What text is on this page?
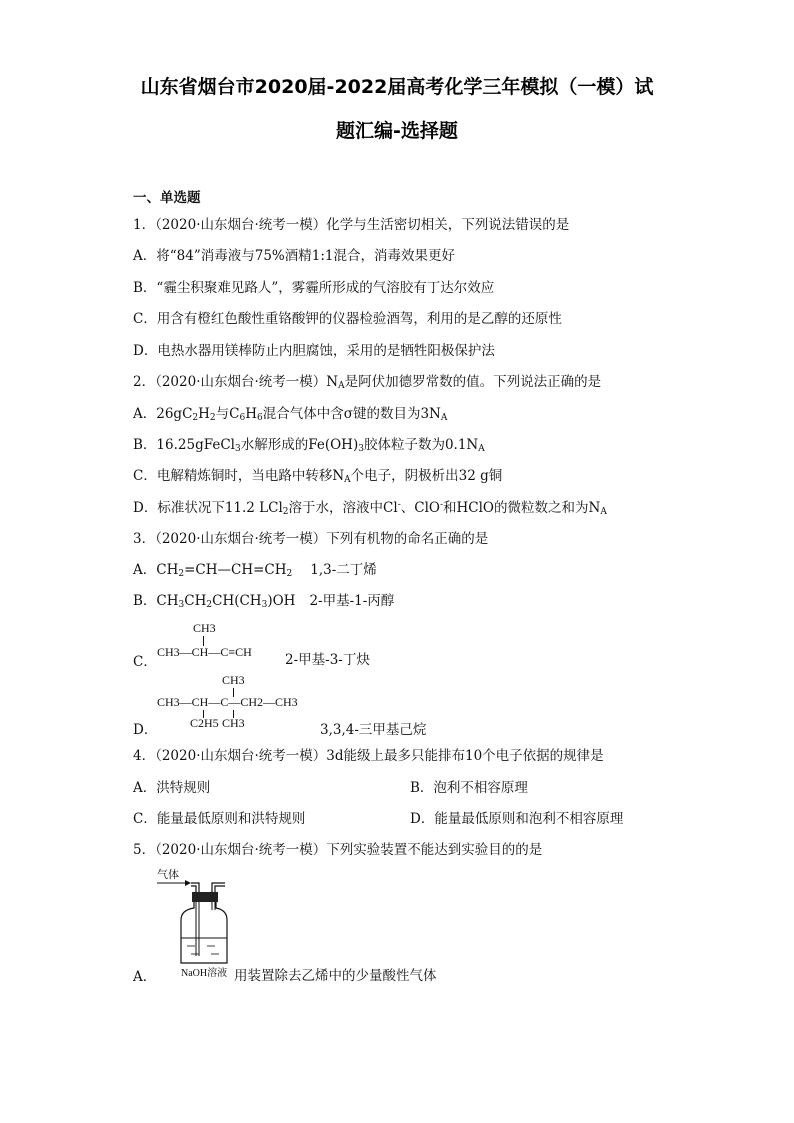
山东省烟台市2020届-2022届高考化学三年模拟（一模）试
题汇编-选择题
一、单选题
1．（2020·山东烟台·统考一模）化学与生活密切相关，下列说法错误的是
A．将“84”消毒液与75%酒精1:1混合，消毒效果更好
B．“霾尘积聚难见路人”，雾霾所形成的气溶胶有丁达尔效应
C．用含有橙红色酸性重铬酸钾的仪器检验酒驾，利用的是乙醇的还原性
D．电热水器用镁棒防止内胆腐蚀，采用的是牺牲阳极保护法
2．（2020·山东烟台·统考一模）$N_A$是阿伏加德罗常数的值。下列说法正确的是
A．$26gC_2H_2$与$C_6H_6$混合气体中含σ键的数目为$3N_A$
B．16.25gFeCl$_3$水解形成的$Fe(OH)_3$胶体粒子数为$0.1N_A$
C．电解精炼铜时，当电路中转移$N_A$个电子，阴极析出32 g铜
D．标准状况下11.2 LCl$_2$溶于水，溶液中Cl-、ClO-和HClO的微粒数之和为$N_A$
3．（2020·山东烟台·统考一模）下列有机物的命名正确的是
A．$CH_2=CH—CH=CH_2$ 1,3-二丁烯
B．$CH_3CH_2CH(CH_3)OH$ 2-甲基-1-丙醇
C．
CH3
CH3—CH—C≡CH 2-甲基-3-丁炔
D．
CH3
CH3—CH—C—CH2—CH3
C2H5 CH3	3,3,4-三甲基己烷
4．（2020·山东烟台·统考一模）3d能级上最多只能排布10个电子依据的规律是
A．洪特规则	B．泡利不相容原理
C．能量最低原则和洪特规则	D．能量最低原则和泡利不相容原理
5．（2020·山东烟台·统考一模）下列实验装置不能达到实验目的的是
气体
NaOH溶液
A．	用装置除去乙烯中的少量酸性气体
